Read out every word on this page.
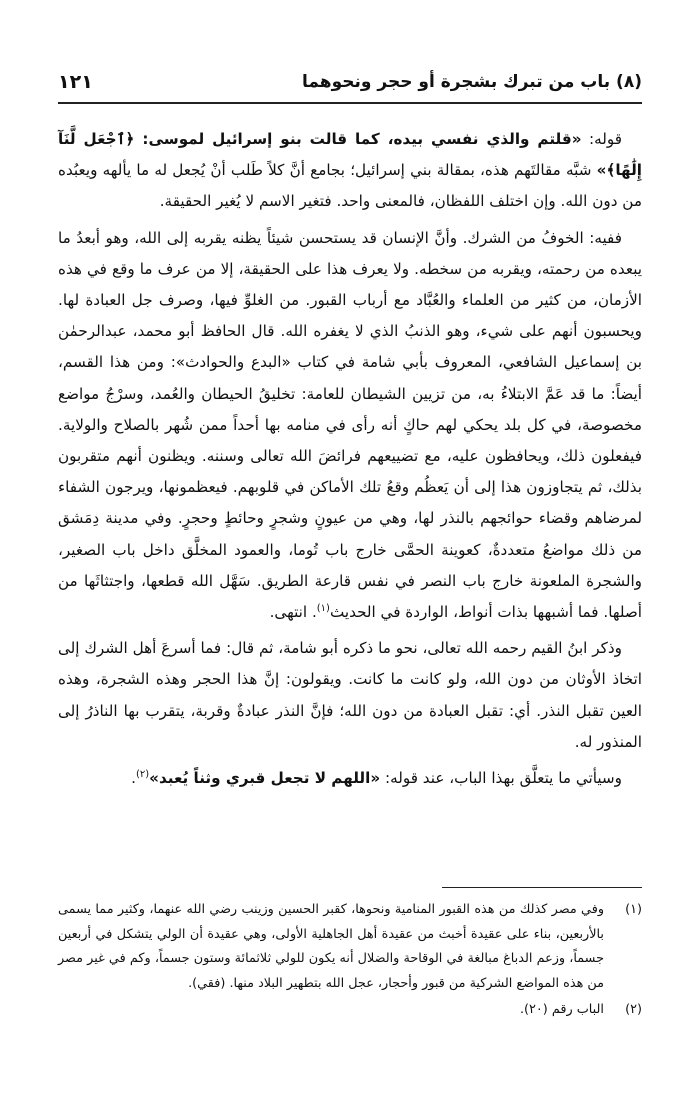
(٨) باب من تبرك بشجرة أو حجر ونحوهما
١٢١

قوله: «قلتم والذي نفسي بيده، كما قالت بنو إسرائيل لموسى: ﴿ٱجْعَل لَّنَآ إِلَٰهًا﴾» شبَّه مقالتَهم هذه، بمقالة بني إسرائيل؛ بجامع أنَّ كلاً طَلب أنْ يُجعل له ما يألهه ويعبُده من دون الله. وإن اختلف اللفظان، فالمعنى واحد. فتغير الاسم لا يُغير الحقيقة.

ففيه: الخوفُ من الشرك. وأنَّ الإنسان قد يستحسن شيئاً يظنه يقربه إلى الله، وهو أبعدُ ما يبعده من رحمته، ويقربه من سخطه. ولا يعرف هذا على الحقيقة، إلا من عرف ما وقع في هذه الأزمان، من كثير من العلماء والعُبَّاد مع أرباب القبور. من الغلوِّ فيها، وصرف جل العبادة لها. ويحسبون أنهم على شيء، وهو الذنبُ الذي لا يغفره الله. قال الحافظ أبو محمد، عبدالرحمٰن بن إسماعيل الشافعي، المعروف بأبي شامة في كتاب «البدع والحوادث»: ومن هذا القسم، أيضاً: ما قد عَمَّ الابتلاءُ به، من تزيين الشيطان للعامة: تخليقُ الحيطان والعُمد، وسرْجُ مواضع مخصوصة، في كل بلد يحكي لهم حاكٍ أنه رأى في منامه بها أحداً ممن شُهر بالصلاح والولاية. فيفعلون ذلك، ويحافظون عليه، مع تضييعهم فرائضَ الله تعالى وسننه. ويظنون أنهم متقربون بذلك، ثم يتجاوزون هذا إلى أن يَعظُم وقعُ تلك الأماكن في قلوبهم. فيعظمونها، ويرجون الشفاء لمرضاهم وقضاء حوائجهم بالنذر لها، وهي من عيونٍ وشجرٍ وحائطٍ وحجرٍ. وفي مدينة دِمَشق من ذلك مواضعُ متعددةٌ، كعوينة الحمَّى خارج باب تُوما، والعمود المخلَّق داخل باب الصغير، والشجرة الملعونة خارج باب النصر في نفس قارعة الطريق. سَهَّل الله قطعها، واجتثاثَها من أصلها. فما أشبهها بذات أنواط، الواردة في الحديث$^{(١)}$. انتهى.

وذكر ابنُ القيم رحمه الله تعالى، نحو ما ذكره أبو شامة، ثم قال: فما أسرعَ أهل الشرك إلى اتخاذ الأوثان من دون الله، ولو كانت ما كانت. ويقولون: إنَّ هذا الحجر وهذه الشجرة، وهذه العين تقبل النذر. أي: تقبل العبادة من دون الله؛ فإنَّ النذر عبادةٌ وقربة، يتقرب بها الناذرُ إلى المنذور له.

وسيأتي ما يتعلَّق بهذا الباب، عند قوله: «اللهم لا تجعل قبري وثناً يُعبد»$^{(٢)}$.

(١)
وفي مصر كذلك من هذه القبور المنامية ونحوها، كقبر الحسين وزينب رضي الله عنهما، وكثير مما يسمى بالأربعين، بناء على عقيدة أخبث من عقيدة أهل الجاهلية الأولى، وهي عقيدة أن الولي يتشكل في أربعين جسماً، وزعم الدباغ مبالغة في الوقاحة والضلال أنه يكون للولي ثلاثمائة وستون جسماً، وكم في غير مصر من هذه المواضع الشركية من قبور وأحجار، عجل الله بتطهير البلاد منها. (فقي).
(٢)
الباب رقم (٢٠).
